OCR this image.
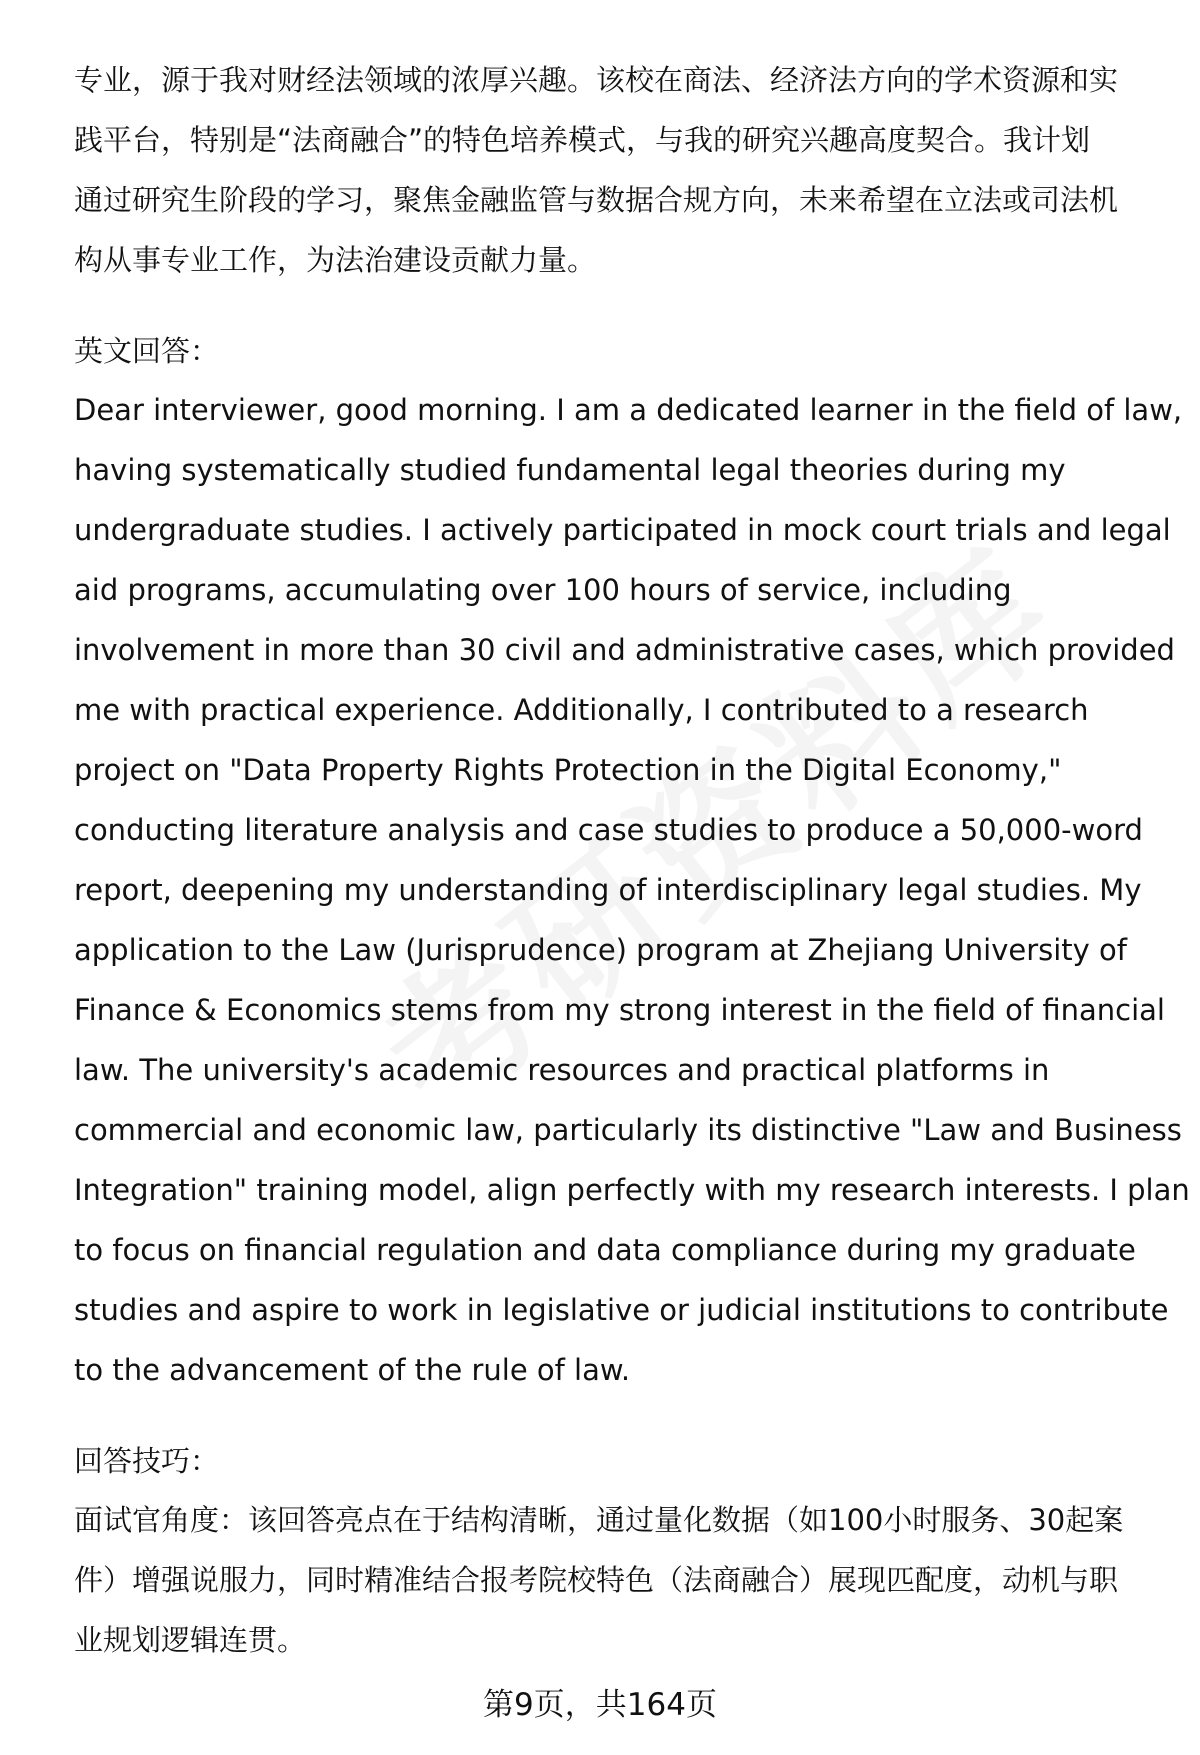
专业，源于我对财经法领域的浓厚兴趣。该校在商法、经济法方向的学术资源和实
践平台，特别是“法商融合”的特色培养模式，与我的研究兴趣高度契合。我计划
通过研究生阶段的学习，聚焦金融监管与数据合规方向，未来希望在立法或司法机
构从事专业工作，为法治建设贡献力量。
英文回答：
Dear interviewer, good morning. I am a dedicated learner in the field of law,
having systematically studied fundamental legal theories during my
undergraduate studies. I actively participated in mock court trials and legal
aid programs, accumulating over 100 hours of service, including
involvement in more than 30 civil and administrative cases, which provided
me with practical experience. Additionally, I contributed to a research
project on "Data Property Rights Protection in the Digital Economy,"
conducting literature analysis and case studies to produce a 50,000-word
report, deepening my understanding of interdisciplinary legal studies. My
application to the Law (Jurisprudence) program at Zhejiang University of
Finance & Economics stems from my strong interest in the field of financial
law. The university's academic resources and practical platforms in
commercial and economic law, particularly its distinctive "Law and Business
Integration" training model, align perfectly with my research interests. I plan
to focus on financial regulation and data compliance during my graduate
studies and aspire to work in legislative or judicial institutions to contribute
to the advancement of the rule of law.
回答技巧：
面试官角度：该回答亮点在于结构清晰，通过量化数据（如100小时服务、30起案
件）增强说服力，同时精准结合报考院校特色（法商融合）展现匹配度，动机与职
业规划逻辑连贯。
第9页，共164页
